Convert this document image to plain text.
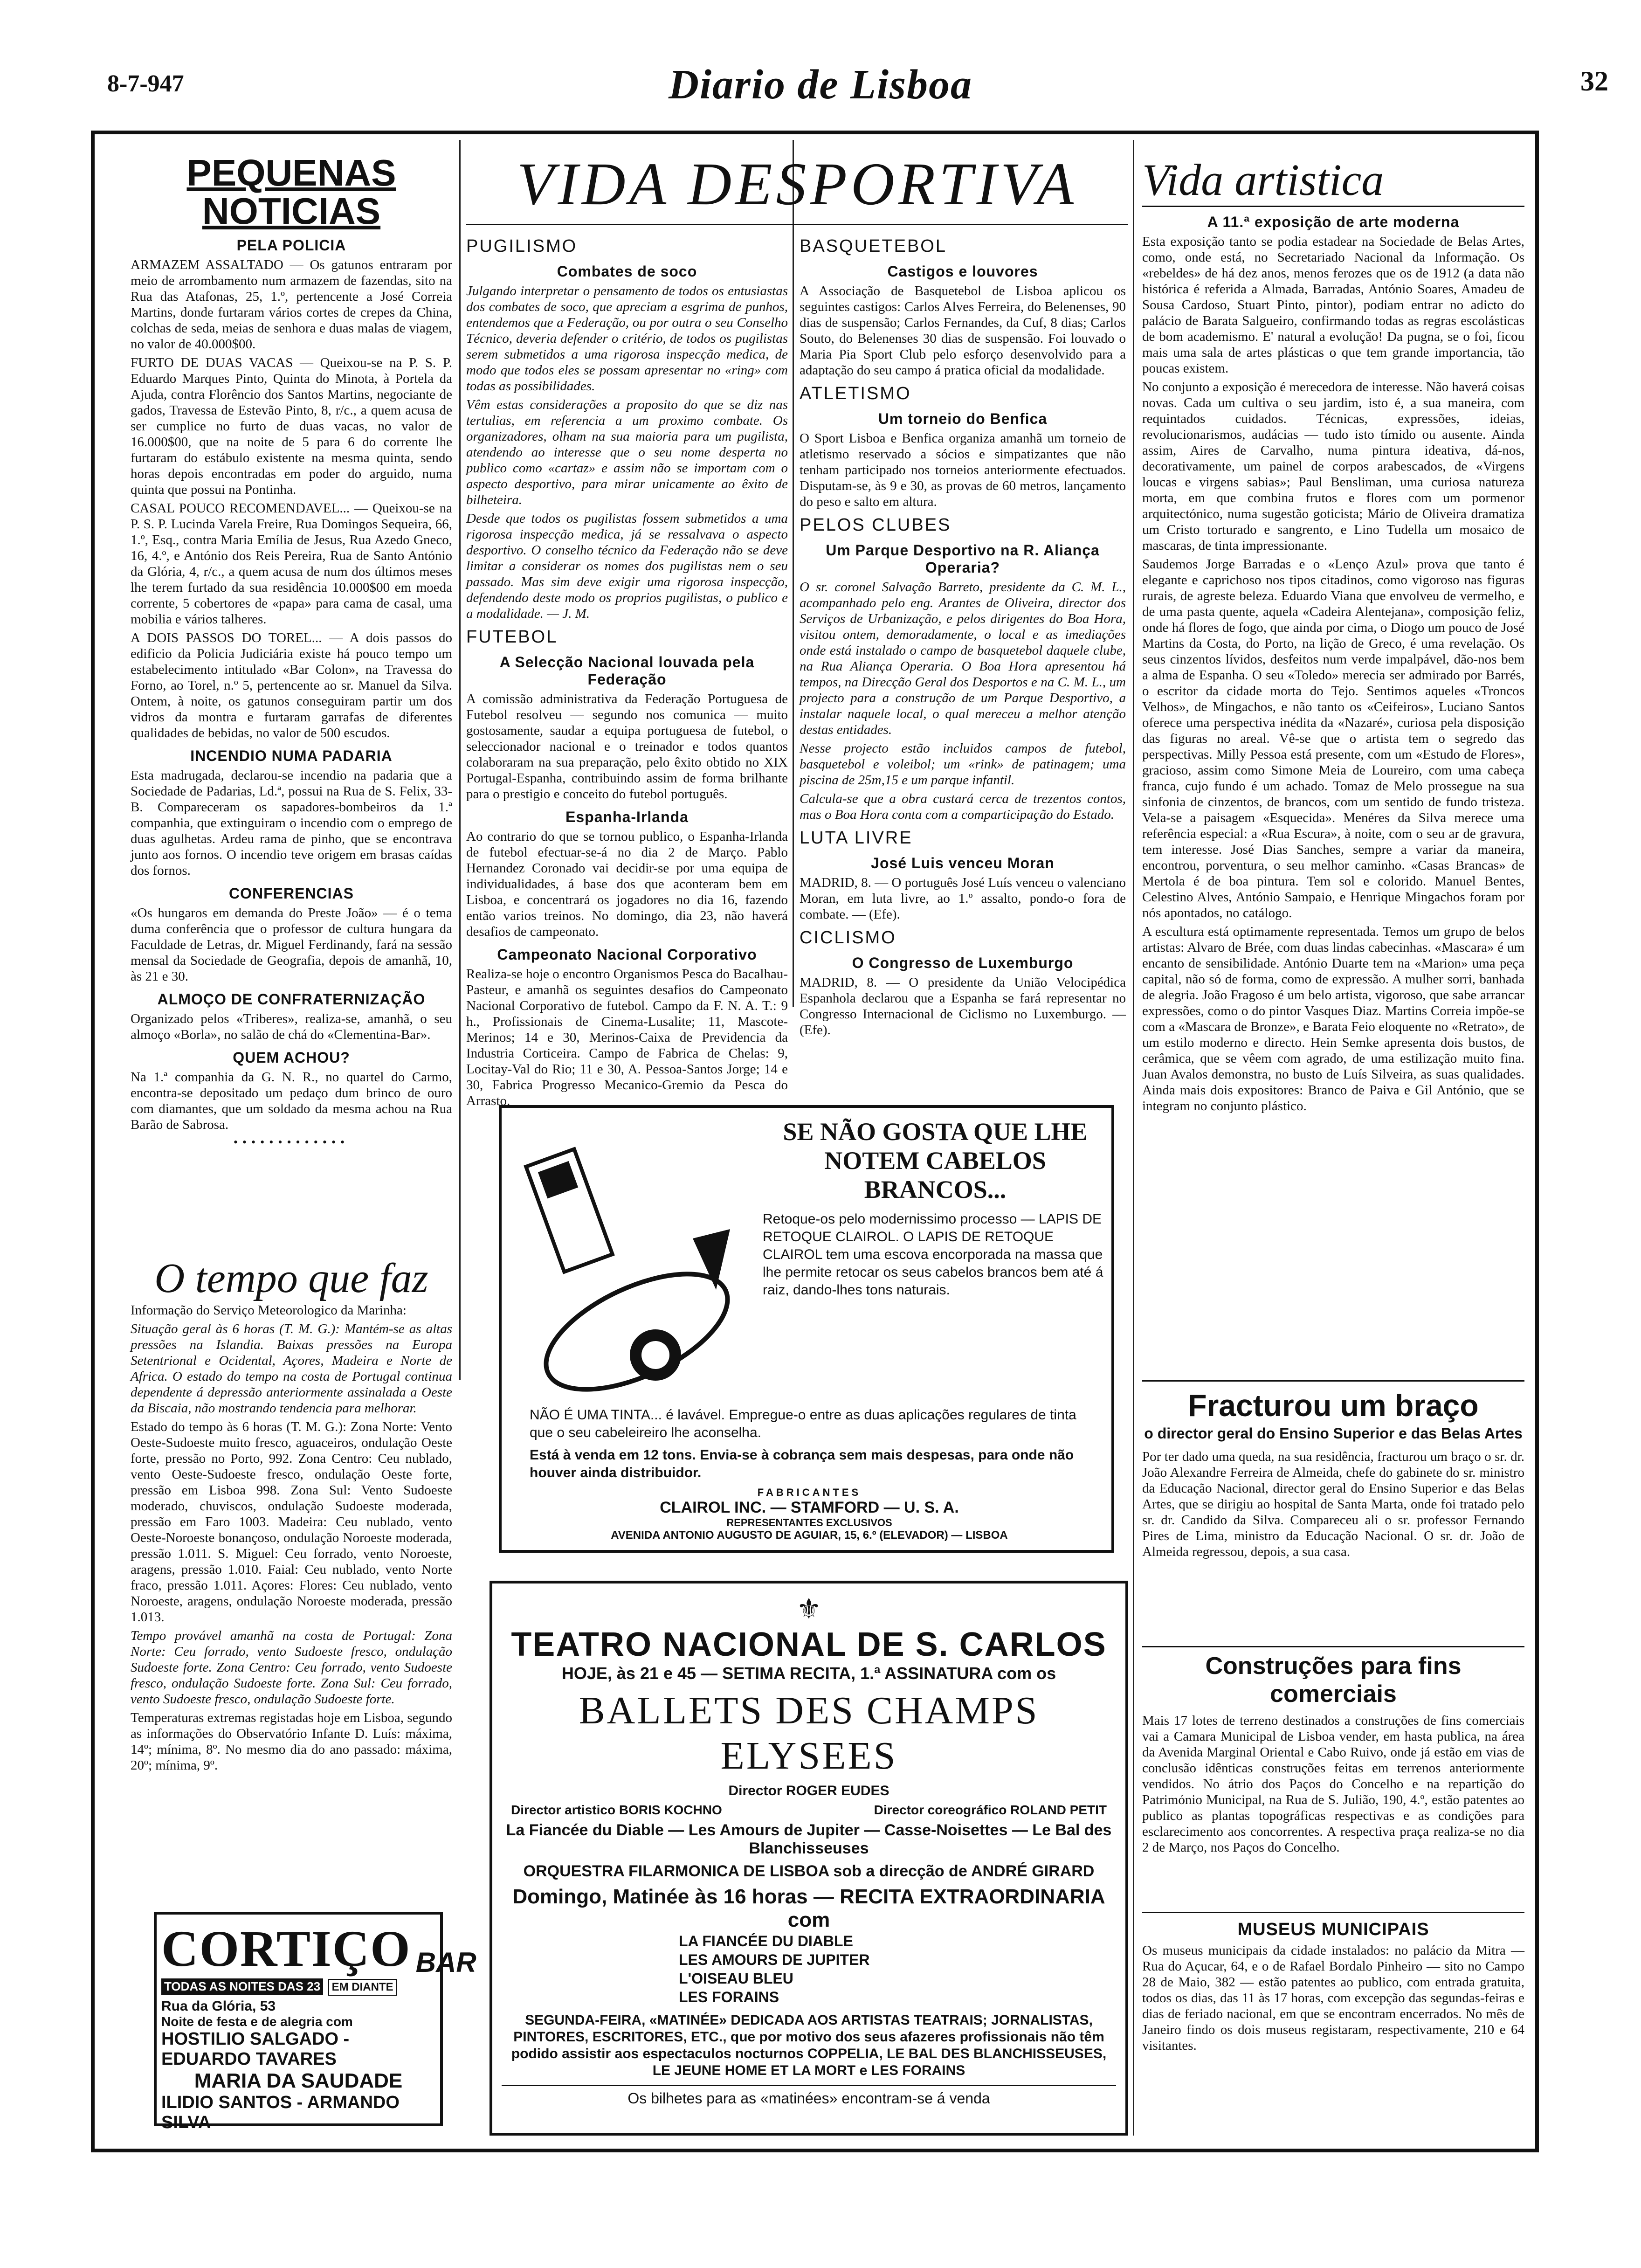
8-7-947	Diario de Lisboa	32

PEQUENAS NOTICIAS

PELA POLICIA

ARMAZEM ASSALTADO — Os gatunos entraram por meio de arrombamento num armazem de fazendas, sito na Rua das Atafonas, 25, 1.º, pertencente a José Correia Martins, donde furtaram vários cortes de crepes da China, colchas de seda, meias de senhora e duas malas de viagem, no valor de 40.000$00.

FURTO DE DUAS VACAS — Queixou-se na P. S. P. Eduardo Marques Pinto, Quinta do Minota, à Portela da Ajuda, contra Florêncio dos Santos Martins, negociante de gados, Travessa de Estevão Pinto, 8, r/c., a quem acusa de ser cumplice no furto de duas vacas, no valor de 16.000$00, que na noite de 5 para 6 do corrente lhe furtaram do estábulo existente na mesma quinta, sendo horas depois encontradas em poder do arguido, numa quinta que possui na Pontinha.

CASAL POUCO RECOMENDAVEL... — Queixou-se na P. S. P. Lucinda Varela Freire, Rua Domingos Sequeira, 66, 1.º, Esq., contra Maria Emília de Jesus, Rua Azedo Gneco, 16, 4.º, e António dos Reis Pereira, Rua de Santo António da Glória, 4, r/c., a quem acusa de num dos últimos meses lhe terem furtado da sua residência 10.000$00 em moeda corrente, 5 cobertores de «papa» para cama de casal, uma mobilia e vários talheres.

A DOIS PASSOS DO TOREL... — A dois passos do edificio da Policia Judiciária existe há pouco tempo um estabelecimento intitulado «Bar Colon», na Travessa do Forno, ao Torel, n.º 5, pertencente ao sr. Manuel da Silva. Ontem, à noite, os gatunos conseguiram partir um dos vidros da montra e furtaram garrafas de diferentes qualidades de bebidas, no valor de 500 escudos.

INCENDIO NUMA PADARIA

Esta madrugada, declarou-se incendio na padaria que a Sociedade de Padarias, Ld.ª, possui na Rua de S. Felix, 33-B. Compareceram os sapadores-bombeiros da 1.ª companhia, que extinguiram o incendio com o emprego de duas agulhetas. Ardeu rama de pinho, que se encontrava junto aos fornos. O incendio teve origem em brasas caídas dos fornos.

CONFERENCIAS

«Os hungaros em demanda do Preste João» — é o tema duma conferência que o professor de cultura hungara da Faculdade de Letras, dr. Miguel Ferdinandy, fará na sessão mensal da Sociedade de Geografia, depois de amanhã, 10, às 21 e 30.

ALMOÇO DE CONFRATERNIZAÇÃO

Organizado pelos «Triberes», realiza-se, amanhã, o seu almoço «Borla», no salão de chá do «Clementina-Bar».

QUEM ACHOU?

Na 1.ª companhia da G. N. R., no quartel do Carmo, encontra-se depositado um pedaço dum brinco de ouro com diamantes, que um soldado da mesma achou na Rua Barão de Sabrosa.

•••••••••••••

O tempo que faz

Informação do Serviço Meteorologico da Marinha:

Situação geral às 6 horas (T. M. G.): Mantém-se as altas pressões na Islandia. Baixas pressões na Europa Setentrional e Ocidental, Açores, Madeira e Norte de Africa. O estado do tempo na costa de Portugal continua dependente á depressão anteriormente assinalada a Oeste da Biscaia, não mostrando tendencia para melhorar.

Estado do tempo às 6 horas (T. M. G.): Zona Norte: Vento Oeste-Sudoeste muito fresco, aguaceiros, ondulação Oeste forte, pressão no Porto, 992. Zona Centro: Ceu nublado, vento Oeste-Sudoeste fresco, ondulação Oeste forte, pressão em Lisboa 998. Zona Sul: Vento Sudoeste moderado, chuviscos, ondulação Sudoeste moderada, pressão em Faro 1003. Madeira: Ceu nublado, vento Oeste-Noroeste bonançoso, ondulação Noroeste moderada, pressão 1.011. S. Miguel: Ceu forrado, vento Noroeste, aragens, pressão 1.010. Faial: Ceu nublado, vento Norte fraco, pressão 1.011. Açores: Flores: Ceu nublado, vento Noroeste, aragens, ondulação Noroeste moderada, pressão 1.013.

Tempo provável amanhã na costa de Portugal: Zona Norte: Ceu forrado, vento Sudoeste fresco, ondulação Sudoeste forte. Zona Centro: Ceu forrado, vento Sudoeste fresco, ondulação Sudoeste forte. Zona Sul: Ceu forrado, vento Sudoeste fresco, ondulação Sudoeste forte.

Temperaturas extremas registadas hoje em Lisboa, segundo as informações do Observatório Infante D. Luís: máxima, 14º; mínima, 8º. No mesmo dia do ano passado: máxima, 20º; mínima, 9º.

CORTIÇO BAR
TODAS AS NOITES DAS 23 EM DIANTE
Rua da Glória, 53
Noite de festa e de alegria com
HOSTILIO SALGADO - EDUARDO TAVARES
MARIA DA SAUDADE
ILIDIO SANTOS - ARMANDO SILVA
VIDA DESPORTIVA
PUGILISMO
Combates de soco

Julgando interpretar o pensamento de todos os entusiastas dos combates de soco, que apreciam a esgrima de punhos, entendemos que a Federação, ou por outra o seu Conselho Técnico, deveria defender o critério, de todos os pugilistas serem submetidos a uma rigorosa inspecção medica, de modo que todos eles se possam apresentar no «ring» com todas as possibilidades.

Vêm estas considerações a proposito do que se diz nas tertulias, em referencia a um proximo combate. Os organizadores, olham na sua maioria para um pugilista, atendendo ao interesse que o seu nome desperta no publico como «cartaz» e assim não se importam com o aspecto desportivo, para mirar unicamente ao êxito de bilheteira.

Desde que todos os pugilistas fossem submetidos a uma rigorosa inspecção medica, já se ressalvava o aspecto desportivo. O conselho técnico da Federação não se deve limitar a considerar os nomes dos pugilistas nem o seu passado. Mas sim deve exigir uma rigorosa inspecção, defendendo deste modo os proprios pugilistas, o publico e a modalidade. — J. M.

FUTEBOL
A Selecção Nacional louvada pela Federação

A comissão administrativa da Federação Portuguesa de Futebol resolveu — segundo nos comunica — muito gostosamente, saudar a equipa portuguesa de futebol, o seleccionador nacional e o treinador e todos quantos colaboraram na sua preparação, pelo êxito obtido no XIX Portugal-Espanha, contribuindo assim de forma brilhante para o prestigio e conceito do futebol português.

Espanha-Irlanda

Ao contrario do que se tornou publico, o Espanha-Irlanda de futebol efectuar-se-á no dia 2 de Março. Pablo Hernandez Coronado vai decidir-se por uma equipa de individualidades, á base dos que aconteram bem em Lisboa, e concentrará os jogadores no dia 16, fazendo então varios treinos. No domingo, dia 23, não haverá desafios de campeonato.

Campeonato Nacional Corporativo

Realiza-se hoje o encontro Organismos Pesca do Bacalhau-Pasteur, e amanhã os seguintes desafios do Campeonato Nacional Corporativo de futebol. Campo da F. N. A. T.: 9 h., Profissionais de Cinema-Lusalite; 11, Mascote-Merinos; 14 e 30, Merinos-Caixa de Previdencia da Industria Corticeira. Campo de Fabrica de Chelas: 9, Locitay-Val do Rio; 11 e 30, A. Pessoa-Santos Jorge; 14 e 30, Fabrica Progresso Mecanico-Gremio da Pesca do Arrasto.

BASQUETEBOL
Castigos e louvores

A Associação de Basquetebol de Lisboa aplicou os seguintes castigos: Carlos Alves Ferreira, do Belenenses, 90 dias de suspensão; Carlos Fernandes, da Cuf, 8 dias; Carlos Souto, do Belenenses 30 dias de suspensão. Foi louvado o Maria Pia Sport Club pelo esforço desenvolvido para a adaptação do seu campo á pratica oficial da modalidade.

ATLETISMO
Um torneio do Benfica

O Sport Lisboa e Benfica organiza amanhã um torneio de atletismo reservado a sócios e simpatizantes que não tenham participado nos torneios anteriormente efectuados. Disputam-se, às 9 e 30, as provas de 60 metros, lançamento do peso e salto em altura.

PELOS CLUBES
Um Parque Desportivo na R. Aliança Operaria?

O sr. coronel Salvação Barreto, presidente da C. M. L., acompanhado pelo eng. Arantes de Oliveira, director dos Serviços de Urbanização, e pelos dirigentes do Boa Hora, visitou ontem, demoradamente, o local e as imediações onde está instalado o campo de basquetebol daquele clube, na Rua Aliança Operaria. O Boa Hora apresentou há tempos, na Direcção Geral dos Desportos e na C. M. L., um projecto para a construção de um Parque Desportivo, a instalar naquele local, o qual mereceu a melhor atenção destas entidades.

Nesse projecto estão incluidos campos de futebol, basquetebol e voleibol; um «rink» de patinagem; uma piscina de 25m,15 e um parque infantil.

Calcula-se que a obra custará cerca de trezentos contos, mas o Boa Hora conta com a comparticipação do Estado.

LUTA LIVRE
José Luis venceu Moran

MADRID, 8. — O português José Luís venceu o valenciano Moran, em luta livre, ao 1.º assalto, pondo-o fora de combate. — (Efe).

CICLISMO
O Congresso de Luxemburgo

MADRID, 8. — O presidente da União Velocipédica Espanhola declarou que a Espanha se fará representar no Congresso Internacional de Ciclismo no Luxemburgo. — (Efe).

SE NÃO GOSTA QUE LHE
NOTEM CABELOS BRANCOS...

Retoque-os pelo modernissimo processo — LAPIS DE RETOQUE CLAIROL. O LAPIS DE RETOQUE CLAIROL tem uma escova encorporada na massa que lhe permite retocar os seus cabelos brancos bem até á raiz, dando-lhes tons naturais.

NÃO É UMA TINTA... é lavável. Empregue-o entre as duas aplicações regulares de tinta que o seu cabeleireiro lhe aconselha.

Está à venda em 12 tons. Envia-se à cobrança sem mais despesas, para onde não houver ainda distribuidor.

FABRICANTES
CLAIROL INC. — STAMFORD — U. S. A.
REPRESENTANTES EXCLUSIVOS
AVENIDA ANTONIO AUGUSTO DE AGUIAR, 15, 6.º (ELEVADOR) — LISBOA
⚜
TEATRO NACIONAL DE S. CARLOS
HOJE, às 21 e 45 — SETIMA RECITA, 1.ª ASSINATURA com os
BALLETS DES CHAMPS ELYSEES
Director ROGER EUDES
Director artistico BORIS KOCHNO	Director coreográfico ROLAND PETIT
La Fiancée du Diable — Les Amours de Jupiter — Casse-Noisettes — Le Bal des Blanchisseuses
ORQUESTRA FILARMONICA DE LISBOA sob a direcção de ANDRÉ GIRARD
Domingo, Matinée às 16 horas — RECITA EXTRAORDINARIA com
LA FIANCÉE DU DIABLE
LES AMOURS DE JUPITER
L'OISEAU BLEU
LES FORAINS

SEGUNDA-FEIRA, «MATINÉE» DEDICADA AOS ARTISTAS TEATRAIS; JORNALISTAS, PINTORES, ESCRITORES, ETC., que por motivo dos seus afazeres profissionais não têm podido assistir aos espectaculos nocturnos COPPELIA, LE BAL DES BLANCHISSEUSES, LE JEUNE HOME ET LA MORT e LES FORAINS

Os bilhetes para as «matinées» encontram-se á venda

Vida artistica

A 11.ª exposição de arte moderna

Esta exposição tanto se podia estadear na Sociedade de Belas Artes, como, onde está, no Secretariado Nacional da Informação. Os «rebeldes» de há dez anos, menos ferozes que os de 1912 (a data não histórica é referida a Almada, Barradas, António Soares, Amadeu de Sousa Cardoso, Stuart Pinto, pintor), podiam entrar no adicto do palácio de Barata Salgueiro, confirmando todas as regras escolásticas de bom academismo. E' natural a evolução! Da pugna, se o foi, ficou mais uma sala de artes plásticas o que tem grande importancia, tão poucas existem.

No conjunto a exposição é merecedora de interesse. Não haverá coisas novas. Cada um cultiva o seu jardim, isto é, a sua maneira, com requintados cuidados. Técnicas, expressões, ideias, revolucionarismos, audácias — tudo isto tímido ou ausente. Ainda assim, Aires de Carvalho, numa pintura ideativa, dá-nos, decorativamente, um painel de corpos arabescados, de «Virgens loucas e virgens sabias»; Paul Bensliman, uma curiosa natureza morta, em que combina frutos e flores com um pormenor arquitectónico, numa sugestão goticista; Mário de Oliveira dramatiza um Cristo torturado e sangrento, e Lino Tudella um mosaico de mascaras, de tinta impressionante.

Saudemos Jorge Barradas e o «Lenço Azul» prova que tanto é elegante e caprichoso nos tipos citadinos, como vigoroso nas figuras rurais, de agreste beleza. Eduardo Viana que envolveu de vermelho, e de uma pasta quente, aquela «Cadeira Alentejana», composição feliz, onde há flores de fogo, que ainda por cima, o Diogo um pouco de José Martins da Costa, do Porto, na lição de Greco, é uma revelação. Os seus cinzentos lívidos, desfeitos num verde impalpável, dão-nos bem a alma de Espanha. O seu «Toledo» merecia ser admirado por Barrés, o escritor da cidade morta do Tejo. Sentimos aqueles «Troncos Velhos», de Mingachos, e não tanto os «Ceifeiros», Luciano Santos oferece uma perspectiva inédita da «Nazaré», curiosa pela disposição das figuras no areal. Vê-se que o artista tem o segredo das perspectivas. Milly Pessoa está presente, com um «Estudo de Flores», gracioso, assim como Simone Meia de Loureiro, com uma cabeça franca, cujo fundo é um achado. Tomaz de Melo prossegue na sua sinfonia de cinzentos, de brancos, com um sentido de fundo tristeza. Vela-se a paisagem «Esquecida». Menéres da Silva merece uma referência especial: a «Rua Escura», à noite, com o seu ar de gravura, tem interesse. José Dias Sanches, sempre a variar da maneira, encontrou, porventura, o seu melhor caminho. «Casas Brancas» de Mertola é de boa pintura. Tem sol e colorido. Manuel Bentes, Celestino Alves, António Sampaio, e Henrique Mingachos foram por nós apontados, no catálogo.

A escultura está optimamente representada. Temos um grupo de belos artistas: Alvaro de Brée, com duas lindas cabecinhas. «Mascara» é um encanto de sensibilidade. António Duarte tem na «Marion» uma peça capital, não só de forma, como de expressão. A mulher sorri, banhada de alegria. João Fragoso é um belo artista, vigoroso, que sabe arrancar expressões, como o do pintor Vasques Diaz. Martins Correia impõe-se com a «Mascara de Bronze», e Barata Feio eloquente no «Retrato», de um estilo moderno e directo. Hein Semke apresenta dois bustos, de cerâmica, que se vêem com agrado, de uma estilização muito fina. Juan Avalos demonstra, no busto de Luís Silveira, as suas qualidades. Ainda mais dois expositores: Branco de Paiva e Gil António, que se integram no conjunto plástico.

Fracturou um braço

o director geral do Ensino Superior e das Belas Artes

Por ter dado uma queda, na sua residência, fracturou um braço o sr. dr. João Alexandre Ferreira de Almeida, chefe do gabinete do sr. ministro da Educação Nacional, director geral do Ensino Superior e das Belas Artes, que se dirigiu ao hospital de Santa Marta, onde foi tratado pelo sr. dr. Candido da Silva. Compareceu ali o sr. professor Fernando Pires de Lima, ministro da Educação Nacional. O sr. dr. João de Almeida regressou, depois, a sua casa.

Construções para fins comerciais

Mais 17 lotes de terreno destinados a construções de fins comerciais vai a Camara Municipal de Lisboa vender, em hasta publica, na área da Avenida Marginal Oriental e Cabo Ruivo, onde já estão em vias de conclusão idênticas construções feitas em terrenos anteriormente vendidos. No átrio dos Paços do Concelho e na repartição do Património Municipal, na Rua de S. Julião, 190, 4.º, estão patentes ao publico as plantas topográficas respectivas e as condições para esclarecimento aos concorrentes. A respectiva praça realiza-se no dia 2 de Março, nos Paços do Concelho.

MUSEUS MUNICIPAIS

Os museus municipais da cidade instalados: no palácio da Mitra — Rua do Açucar, 64, e o de Rafael Bordalo Pinheiro — sito no Campo 28 de Maio, 382 — estão patentes ao publico, com entrada gratuita, todos os dias, das 11 às 17 horas, com excepção das segundas-feiras e dias de feriado nacional, em que se encontram encerrados. No mês de Janeiro findo os dois museus registaram, respectivamente, 210 e 64 visitantes.
